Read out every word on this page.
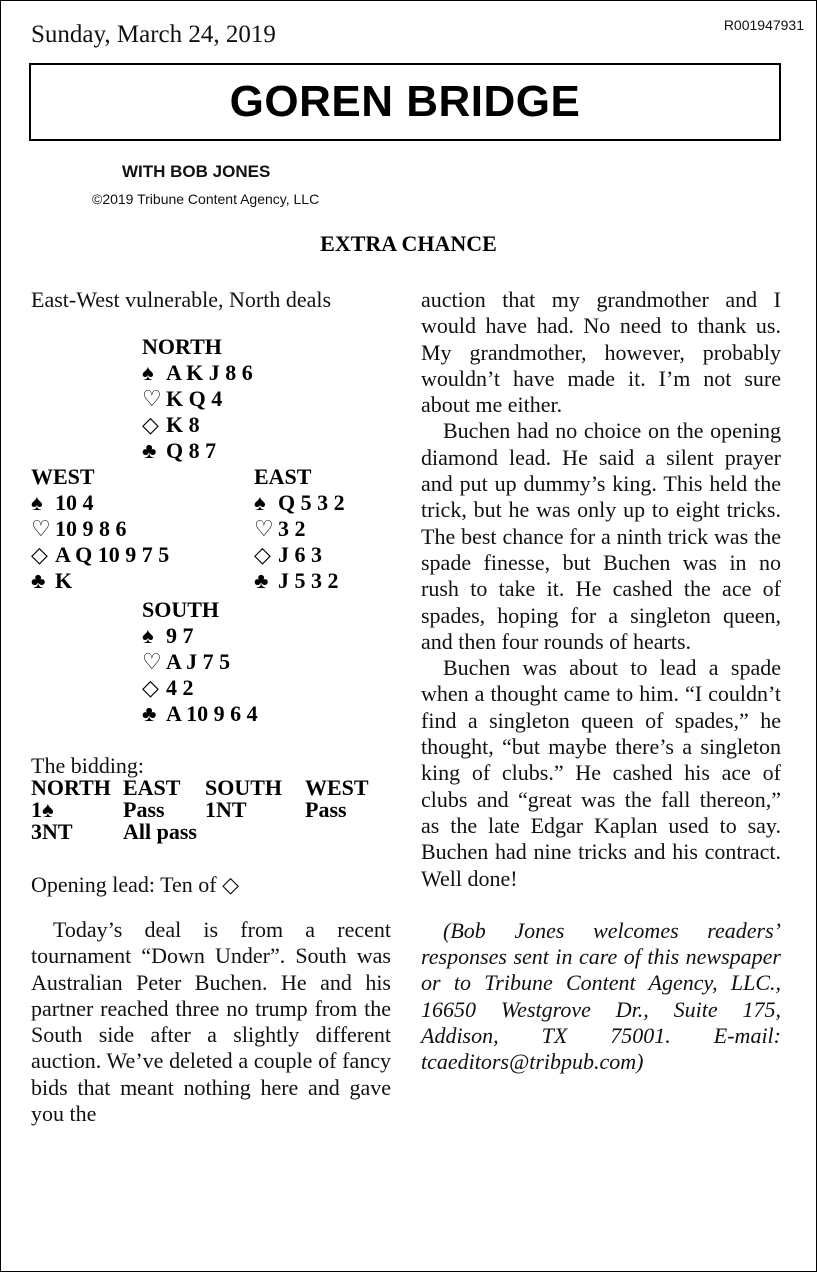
Sunday, March 24, 2019	R001947931
GOREN BRIDGE
WITH BOB JONES
©2019 Tribune Content Agency, LLC
EXTRA CHANCE
East-West vulnerable, North deals
NORTH
♠ A K J 8 6
♡ K Q 4
◇ K 8
♣ Q 8 7
WEST
♠ 10 4
♡ 10 9 8 6
◇ A Q 10 9 7 5
♣ K
EAST
♠ Q 5 3 2
♡ 3 2
◇ J 6 3
♣ J 5 3 2
SOUTH
♠ 9 7
♡ A J 7 5
◇ 4 2
♣ A 10 9 6 4
The bidding:
NORTH EAST	SOUTH	WEST
1♠	Pass	1NT	Pass
3NT	All pass
Opening lead: Ten of ◇

Today’s deal is from a recent tournament “Down Under”. South was Australian Peter Buchen. He and his partner reached three no trump from the South side after a slightly different auction. We’ve deleted a couple of fancy bids that meant nothing here and gave you the

auction that my grandmother and I would have had. No need to thank us. My grandmother, however, probably wouldn’t have made it. I’m not sure about me either.

Buchen had no choice on the opening diamond lead. He said a silent prayer and put up dummy’s king. This held the trick, but he was only up to eight tricks. The best chance for a ninth trick was the spade finesse, but Buchen was in no rush to take it. He cashed the ace of spades, hoping for a singleton queen, and then four rounds of hearts.

Buchen was about to lead a spade when a thought came to him. “I couldn’t find a singleton queen of spades,” he thought, “but maybe there’s a singleton king of clubs.” He cashed his ace of clubs and “great was the fall thereon,” as the late Edgar Kaplan used to say. Buchen had nine tricks and his contract. Well done!

(Bob Jones welcomes readers’ responses sent in care of this newspaper or to Tribune Content Agency, LLC., 16650 Westgrove Dr., Suite 175, Addison, TX 75001. E-mail: tcaeditors@tribpub.com)
